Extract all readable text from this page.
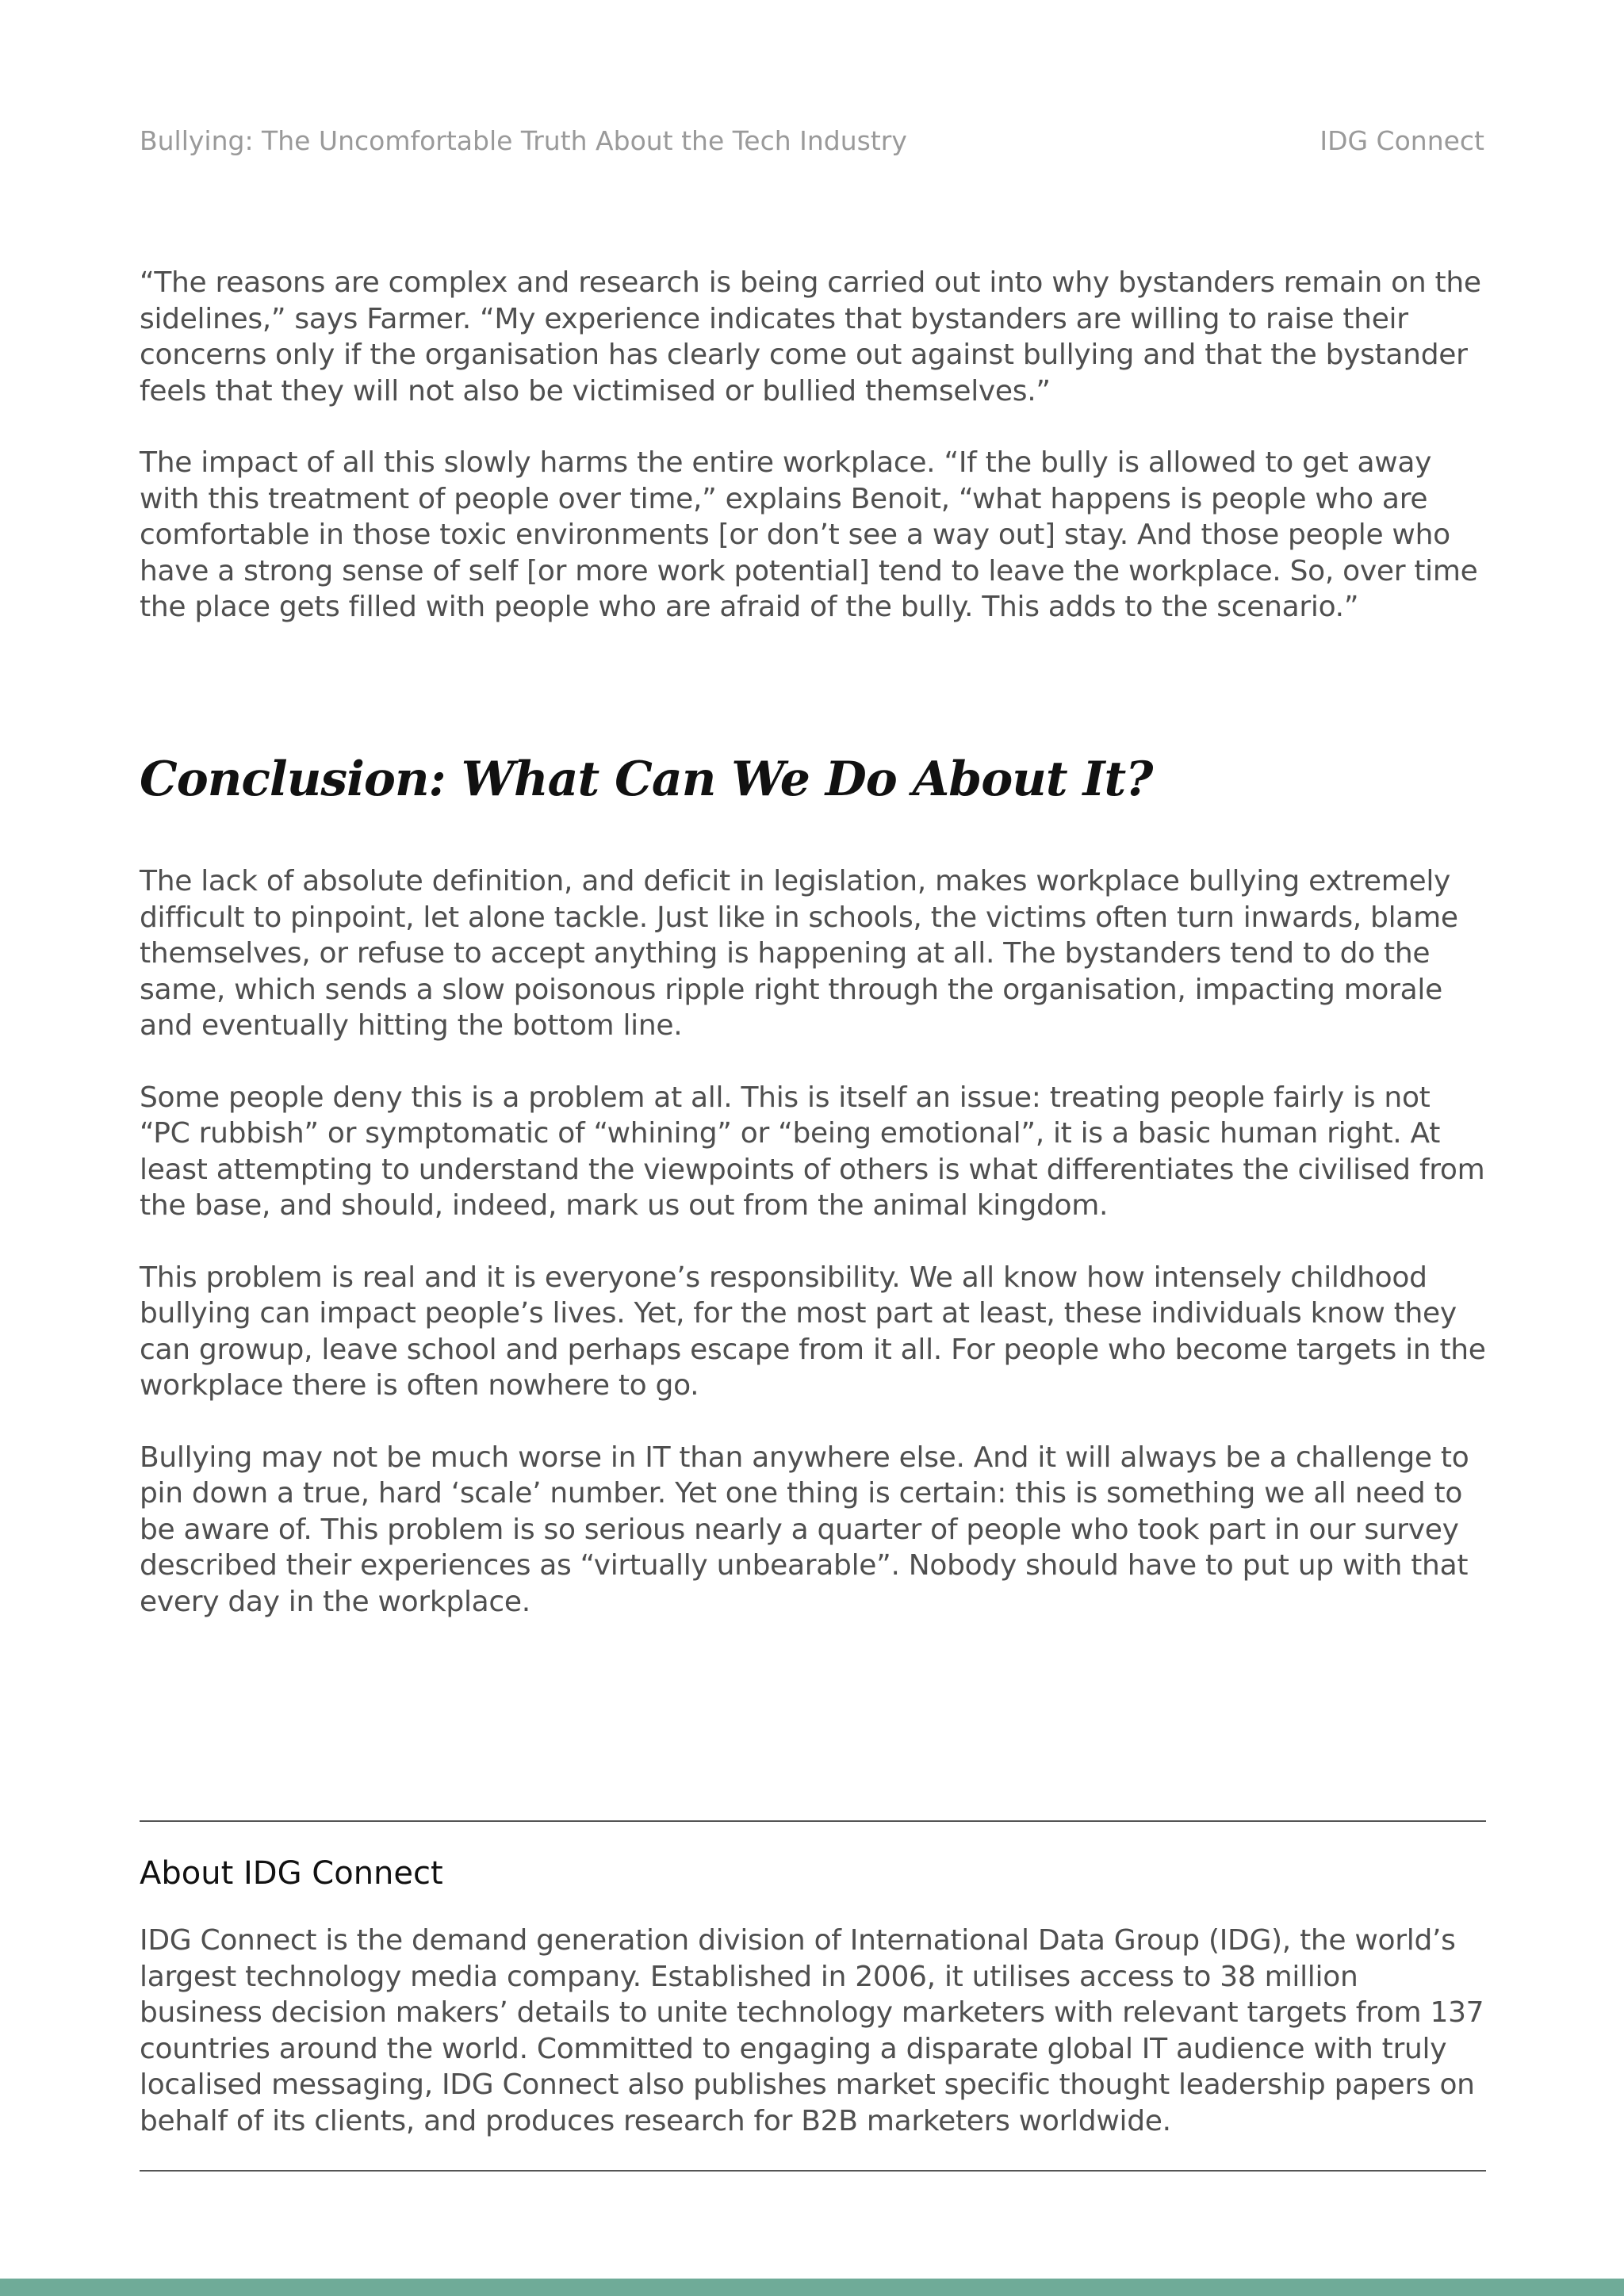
Bullying: The Uncomfortable Truth About the Tech Industry	IDG Connect

“The reasons are complex and research is being carried out into why bystanders remain on the sidelines,” says Farmer. “My experience indicates that bystanders are willing to raise their concerns only if the organisation has clearly come out against bullying and that the bystander feels that they will not also be victimised or bullied themselves.”

The impact of all this slowly harms the entire workplace. “If the bully is allowed to get away with this treatment of people over time,” explains Benoit, “what happens is people who are comfortable in those toxic environments [or don’t see a way out] stay. And those people who have a strong sense of self [or more work potential] tend to leave the workplace. So, over time the place gets filled with people who are afraid of the bully. This adds to the scenario.”

Conclusion: What Can We Do About It?

The lack of absolute definition, and deficit in legislation, makes workplace bullying extremely difficult to pinpoint, let alone tackle. Just like in schools, the victims often turn inwards, blame themselves, or refuse to accept anything is happening at all. The bystanders tend to do the same, which sends a slow poisonous ripple right through the organisation, impacting morale and eventually hitting the bottom line.

Some people deny this is a problem at all. This is itself an issue: treating people fairly is not “PC rubbish” or symptomatic of “whining” or “being emotional”, it is a basic human right. At least attempting to understand the viewpoints of others is what differentiates the civilised from the base, and should, indeed, mark us out from the animal kingdom.

This problem is real and it is everyone’s responsibility. We all know how intensely childhood bullying can impact people’s lives. Yet, for the most part at least, these individuals know they can growup, leave school and perhaps escape from it all. For people who become targets in the workplace there is often nowhere to go.

Bullying may not be much worse in IT than anywhere else. And it will always be a challenge to pin down a true, hard ‘scale’ number. Yet one thing is certain: this is something we all need to be aware of. This problem is so serious nearly a quarter of people who took part in our survey described their experiences as “virtually unbearable”. Nobody should have to put up with that every day in the workplace.

About IDG Connect

IDG Connect is the demand generation division of International Data Group (IDG), the world’s largest technology media company. Established in 2006, it utilises access to 38 million business decision makers’ details to unite technology marketers with relevant targets from 137 countries around the world. Committed to engaging a disparate global IT audience with truly localised messaging, IDG Connect also publishes market specific thought leadership papers on behalf of its clients, and produces research for B2B marketers worldwide.
